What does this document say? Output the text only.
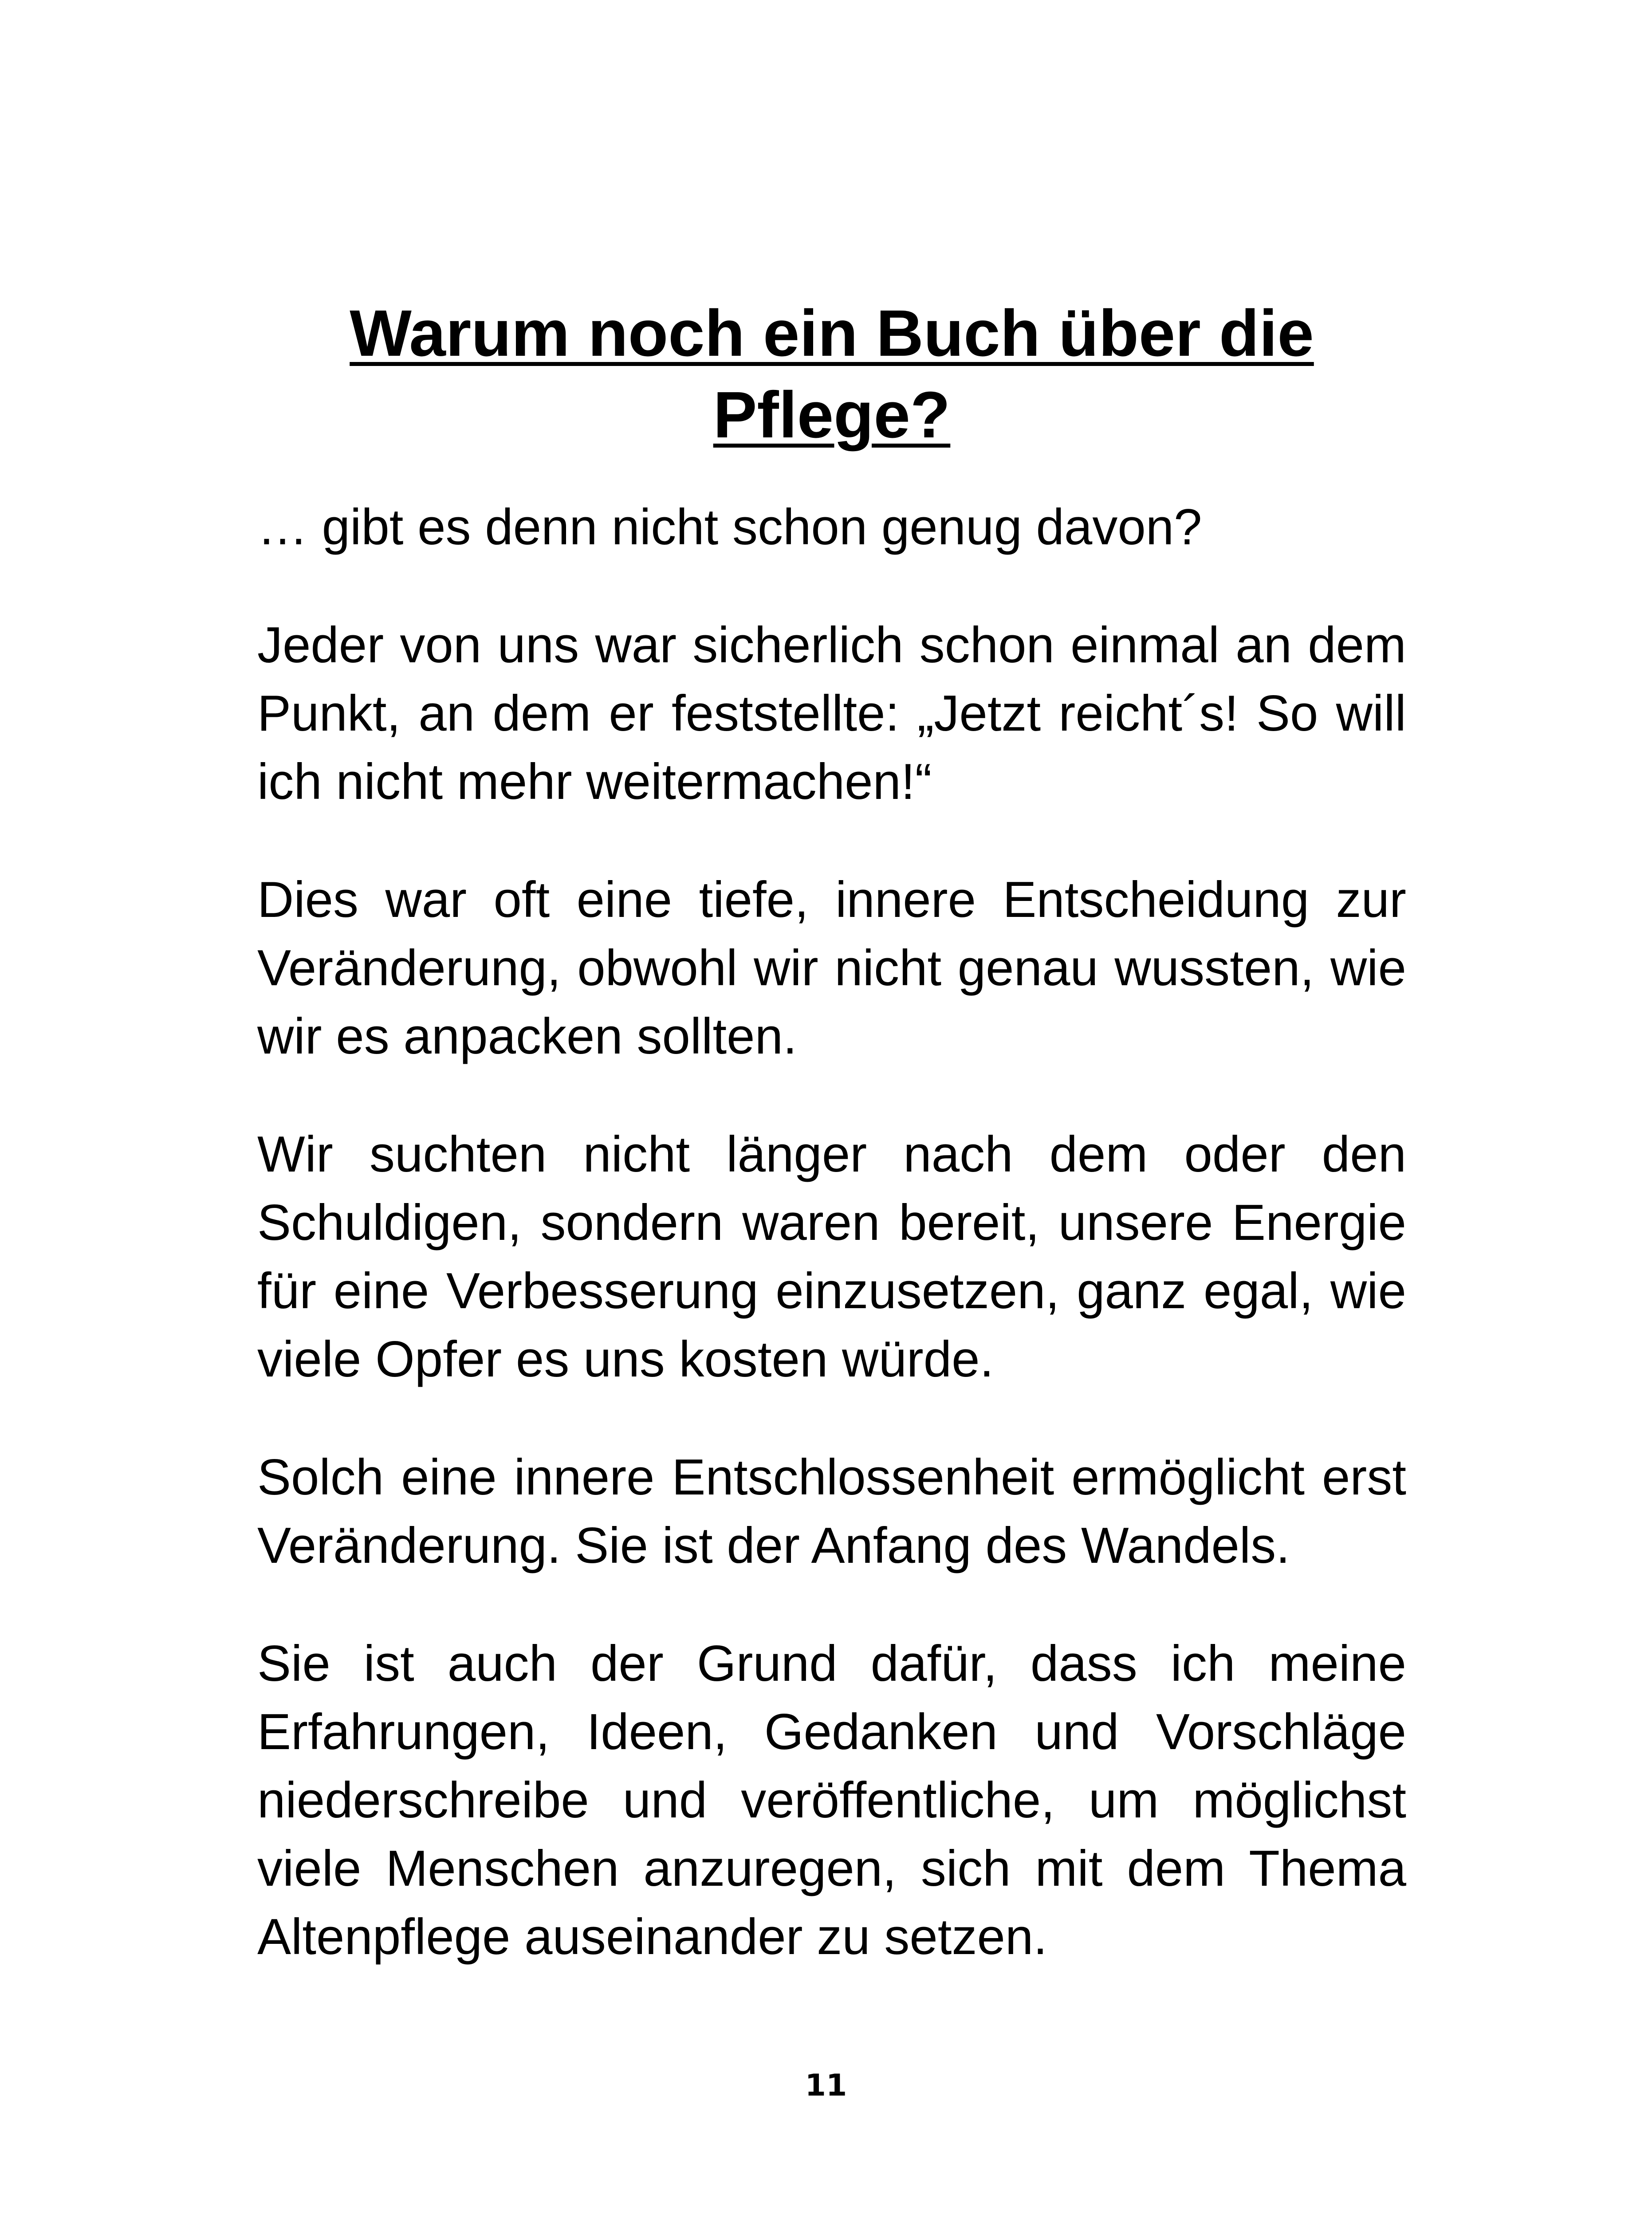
Warum noch ein Buch über die Pflege?

… gibt es denn nicht schon genug davon?

Jeder von uns war sicherlich schon einmal an dem Punkt, an dem er feststellte: „Jetzt reicht´s! So will ich nicht mehr weitermachen!“

Dies war oft eine tiefe, innere Entscheidung zur Veränderung, obwohl wir nicht genau wussten, wie wir es anpacken sollten.

Wir suchten nicht länger nach dem oder den Schuldigen, sondern waren bereit, unsere Energie für eine Verbesserung einzusetzen, ganz egal, wie viele Opfer es uns kosten würde.

Solch eine innere Entschlossenheit ermöglicht erst Veränderung. Sie ist der Anfang des Wandels.

Sie ist auch der Grund dafür, dass ich meine Erfahrungen, Ideen, Gedanken und Vorschläge niederschreibe und veröffentliche, um möglichst viele Menschen anzuregen, sich mit dem Thema Altenpflege auseinander zu setzen.

11
